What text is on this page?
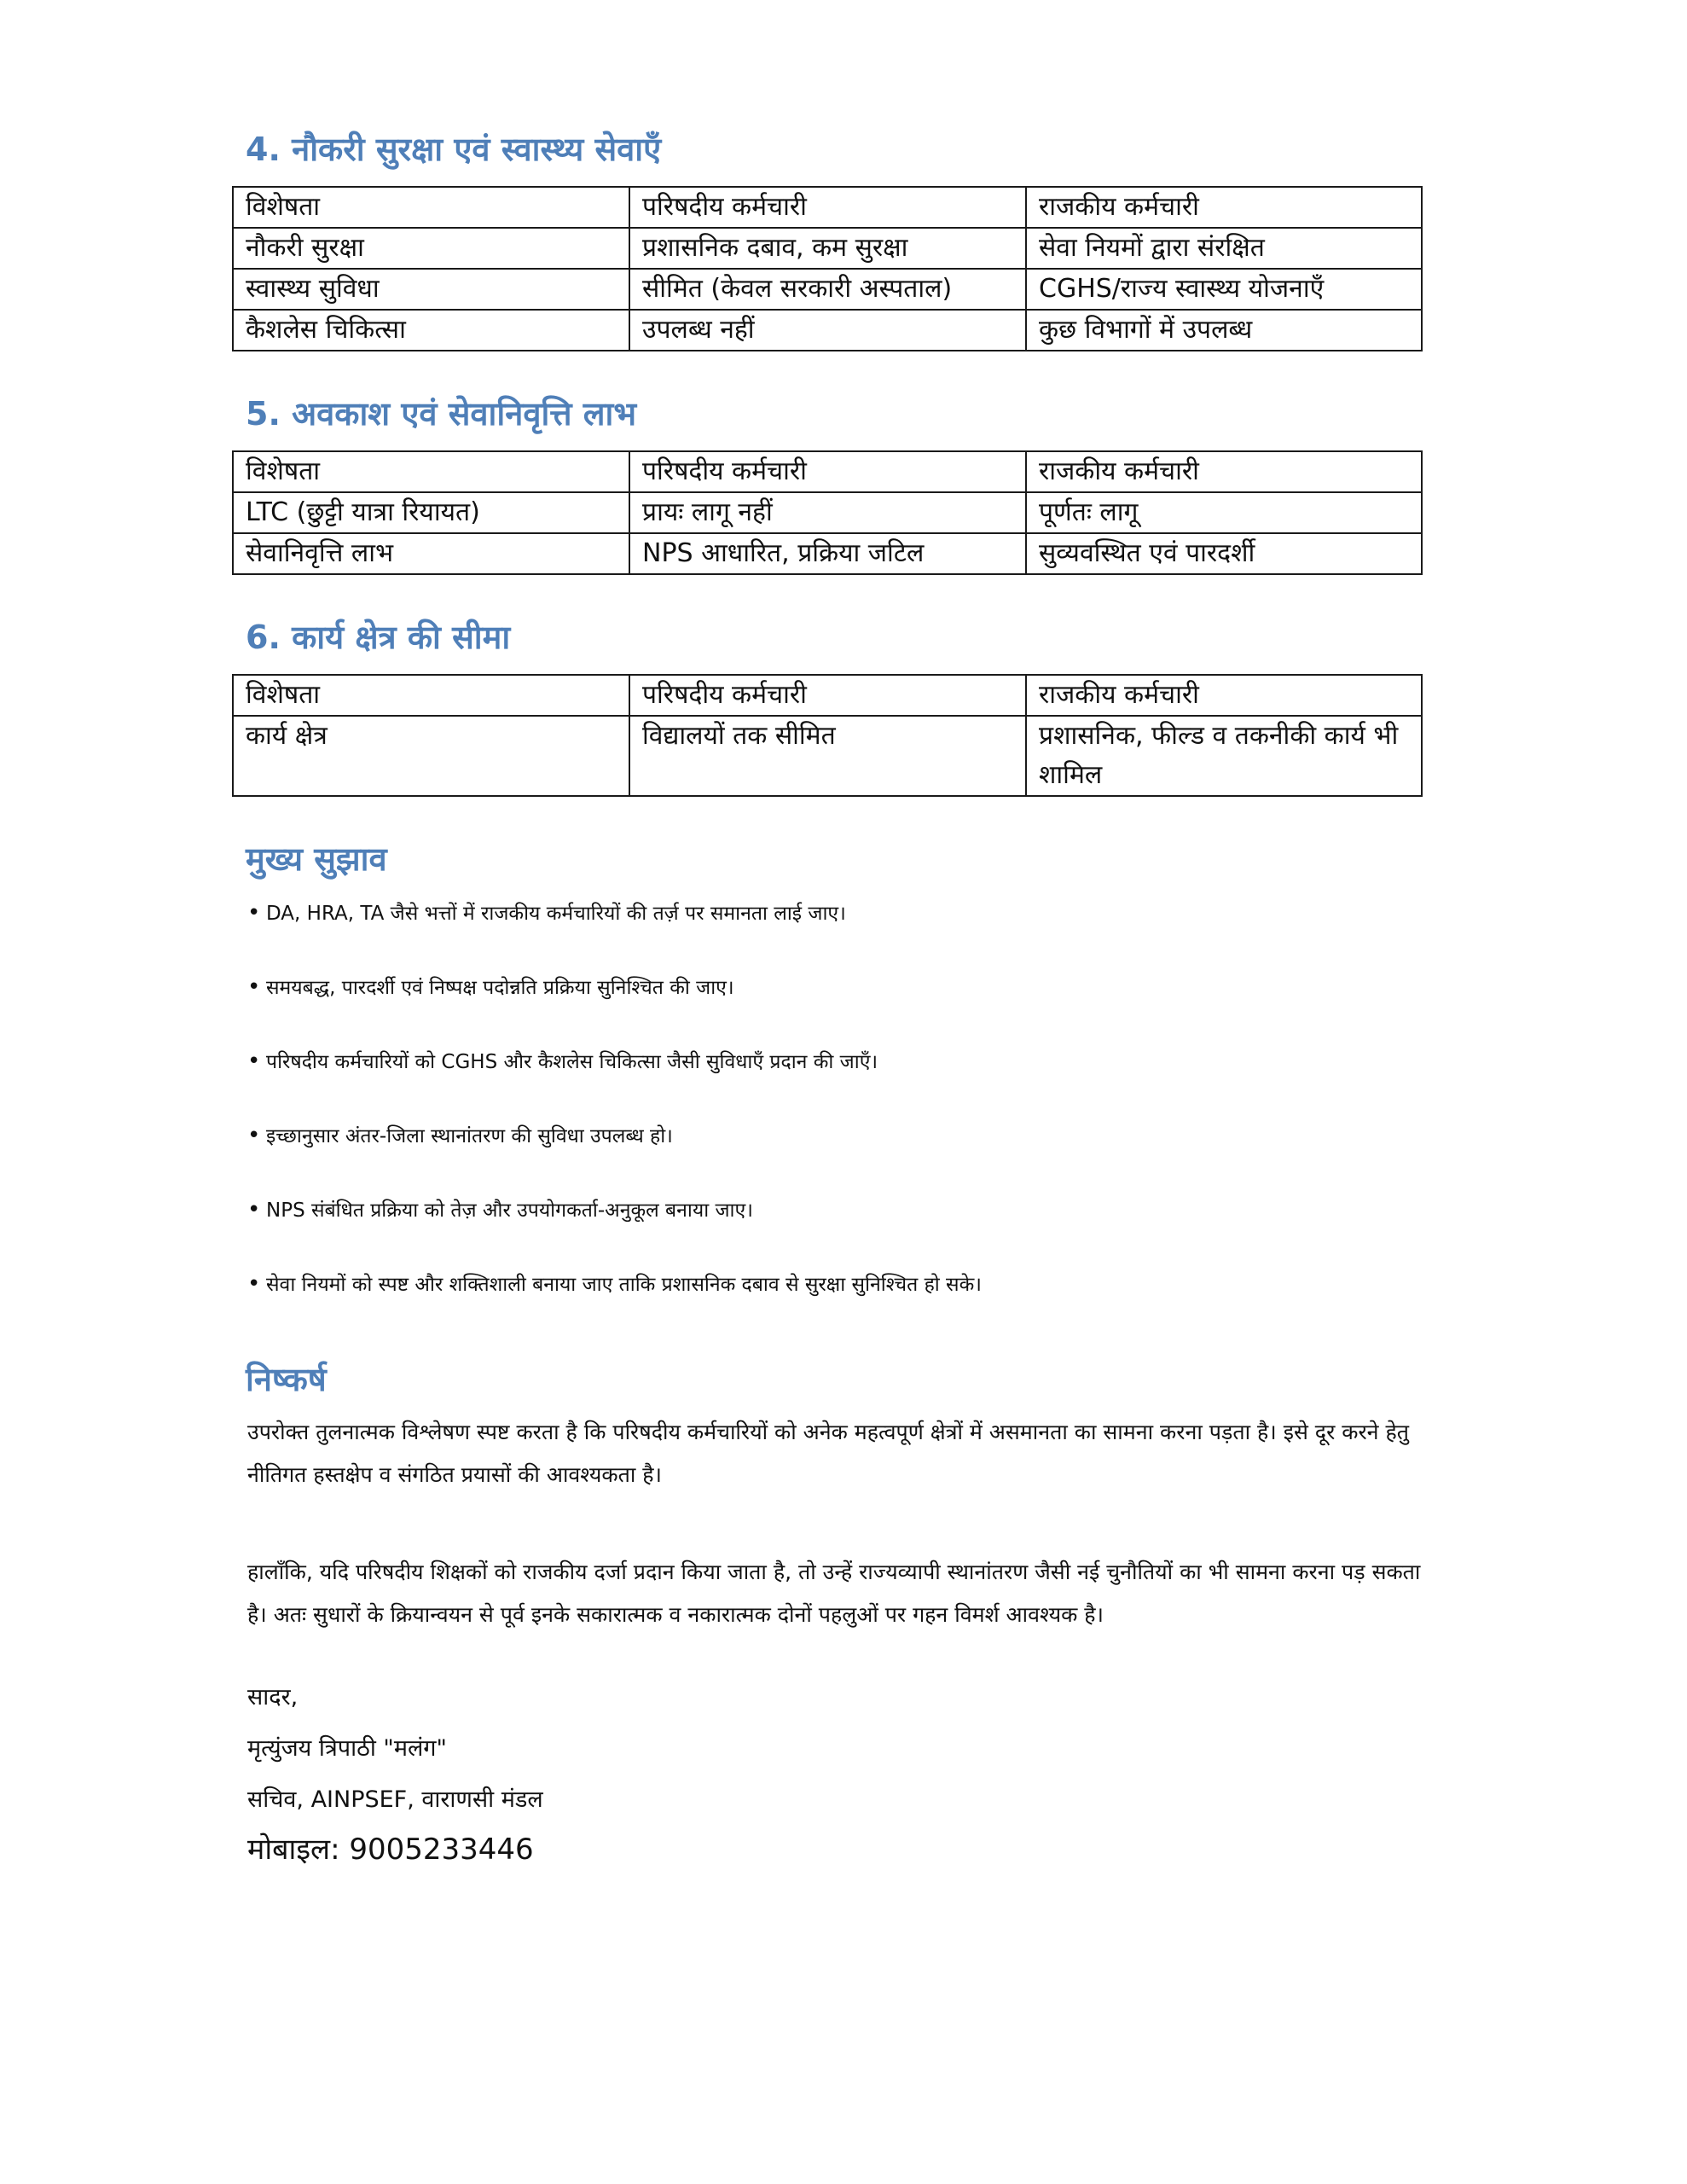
4. नौकरी सुरक्षा एवं स्वास्थ्य सेवाएँ
विशेषता	परिषदीय कर्मचारी	राजकीय कर्मचारी
नौकरी सुरक्षा	प्रशासनिक दबाव, कम सुरक्षा	सेवा नियमों द्वारा संरक्षित
स्वास्थ्य सुविधा	सीमित (केवल सरकारी अस्पताल)	CGHS/राज्य स्वास्थ्य योजनाएँ
कैशलेस चिकित्सा	उपलब्ध नहीं	कुछ विभागों में उपलब्ध
5. अवकाश एवं सेवानिवृत्ति लाभ
विशेषता	परिषदीय कर्मचारी	राजकीय कर्मचारी
LTC (छुट्टी यात्रा रियायत)	प्रायः लागू नहीं	पूर्णतः लागू
सेवानिवृत्ति लाभ	NPS आधारित, प्रक्रिया जटिल	सुव्यवस्थित एवं पारदर्शी
6. कार्य क्षेत्र की सीमा
विशेषता	परिषदीय कर्मचारी	राजकीय कर्मचारी
कार्य क्षेत्र	विद्यालयों तक सीमित	प्रशासनिक, फील्ड व तकनीकी कार्य भी शामिल
मुख्य सुझाव
• DA, HRA, TA जैसे भत्तों में राजकीय कर्मचारियों की तर्ज़ पर समानता लाई जाए।
• समयबद्ध, पारदर्शी एवं निष्पक्ष पदोन्नति प्रक्रिया सुनिश्चित की जाए।
• परिषदीय कर्मचारियों को CGHS और कैशलेस चिकित्सा जैसी सुविधाएँ प्रदान की जाएँ।
• इच्छानुसार अंतर-जिला स्थानांतरण की सुविधा उपलब्ध हो।
• NPS संबंधित प्रक्रिया को तेज़ और उपयोगकर्ता-अनुकूल बनाया जाए।
• सेवा नियमों को स्पष्ट और शक्तिशाली बनाया जाए ताकि प्रशासनिक दबाव से सुरक्षा सुनिश्चित हो सके।
निष्कर्ष

उपरोक्त तुलनात्मक विश्लेषण स्पष्ट करता है कि परिषदीय कर्मचारियों को अनेक महत्वपूर्ण क्षेत्रों में असमानता का सामना करना पड़ता है। इसे दूर करने हेतु नीतिगत हस्तक्षेप व संगठित प्रयासों की आवश्यकता है।

हालाँकि, यदि परिषदीय शिक्षकों को राजकीय दर्जा प्रदान किया जाता है, तो उन्हें राज्यव्यापी स्थानांतरण जैसी नई चुनौतियों का भी सामना करना पड़ सकता है। अतः सुधारों के क्रियान्वयन से पूर्व इनके सकारात्मक व नकारात्मक दोनों पहलुओं पर गहन विमर्श आवश्यक है।

सादर,

मृत्युंजय त्रिपाठी "मलंग"

सचिव, AINPSEF, वाराणसी मंडल

मोबाइल: 9005233446
